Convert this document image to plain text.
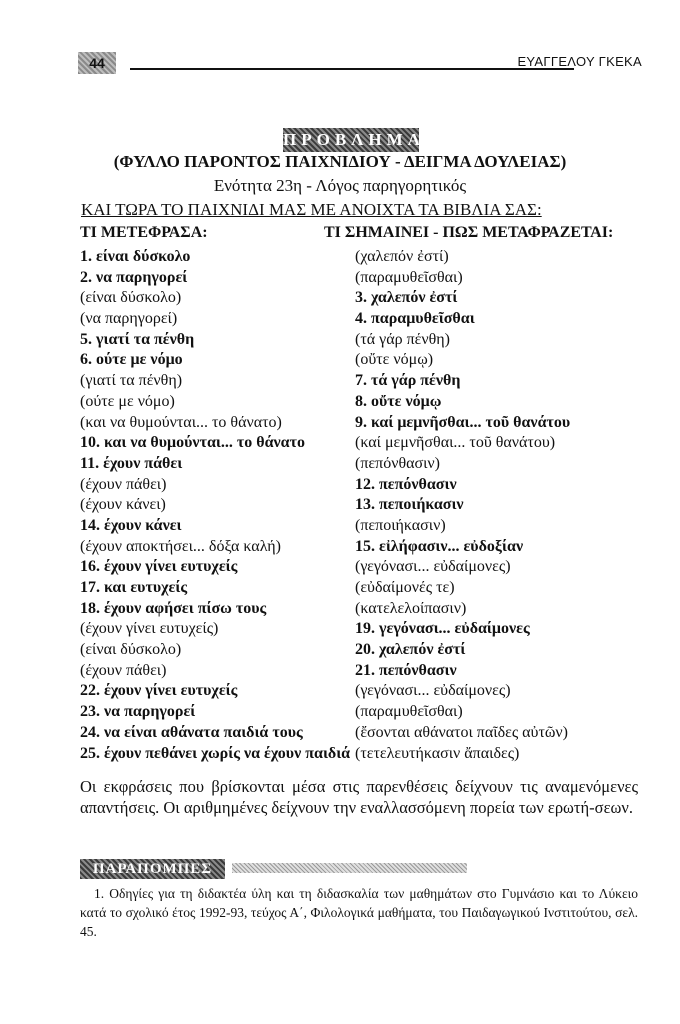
44	ΕΥΑΓΓΕΛΟΥ ΓΚΕΚΑ
ΠΡΟΒΛΗΜΑ
(ΦΥΛΛΟ ΠΑΡΟΝΤΟΣ ΠΑΙΧΝΙΔΙΟΥ - ΔΕΙΓΜΑ ΔΟΥΛΕΙΑΣ)
Ενότητα 23η - Λόγος παρηγορητικός
ΚΑΙ ΤΩΡΑ ΤΟ ΠΑΙΧΝΙΔΙ ΜΑΣ ΜΕ ΑΝΟΙΧΤΑ ΤΑ ΒΙΒΛΙΑ ΣΑΣ:
ΤΙ ΜΕΤΕΦΡΑΣΑ:	ΤΙ ΣΗΜΑΙΝΕΙ - ΠΩΣ ΜΕΤΑΦΡΑΖΕΤΑΙ:
1. είναι δύσκολο	(χαλεπόν ἐστί)
2. να παρηγορεί	(παραμυθεῖσθαι)
(είναι δύσκολο)	3. χαλεπόν ἐστί
(να παρηγορεί)	4. παραμυθεῖσθαι
5. γιατί τα πένθη	(τά γάρ πένθη)
6. ούτε με νόμο	(οὔτε νόμῳ)
(γιατί τα πένθη)	7. τά γάρ πένθη
(ούτε με νόμο)	8. οὔτε νόμῳ
(και να θυμούνται... το θάνατο)	9. καί μεμνῆσθαι... τοῦ θανάτου
10. και να θυμούνται... το θάνατο	(καί μεμνῆσθαι... τοῦ θανάτου)
11. έχουν πάθει	(πεπόνθασιν)
(έχουν πάθει)	12. πεπόνθασιν
(έχουν κάνει)	13. πεποιήκασιν
14. έχουν κάνει	(πεποιήκασιν)
(έχουν αποκτήσει... δόξα καλή)	15. εἰλήφασιν... εὐδοξίαν
16. έχουν γίνει ευτυχείς	(γεγόνασι... εὐδαίμονες)
17. και ευτυχείς	(εὐδαίμονές τε)
18. έχουν αφήσει πίσω τους	(κατελελοίπασιν)
(έχουν γίνει ευτυχείς)	19. γεγόνασι... εὐδαίμονες
(είναι δύσκολο)	20. χαλεπόν ἐστί
(έχουν πάθει)	21. πεπόνθασιν
22. έχουν γίνει ευτυχείς	(γεγόνασι... εὐδαίμονες)
23. να παρηγορεί	(παραμυθεῖσθαι)
24. να είναι αθάνατα παιδιά τους	(ἔσονται αθάνατοι παῖδες αὐτῶν)
25. έχουν πεθάνει χωρίς να έχουν παιδιά (τετελευτήκασιν ἄπαιδες)
Οι εκφράσεις που βρίσκονται μέσα στις παρενθέσεις δείχνουν τις αναμενόμενες απαντήσεις. Οι αριθμημένες δείχνουν την εναλλασσόμενη πορεία των ερωτή-σεων.
ΠΑΡΑΠΟΜΠΕΣ
1. Οδηγίες για τη διδακτέα ύλη και τη διδασκαλία των μαθημάτων στο Γυμνάσιο και το Λύκειο κατά το σχολικό έτος 1992-93, τεύχος Α΄, Φιλολογικά μαθήματα, του Παιδαγωγικού Ινστιτούτου, σελ. 45.
